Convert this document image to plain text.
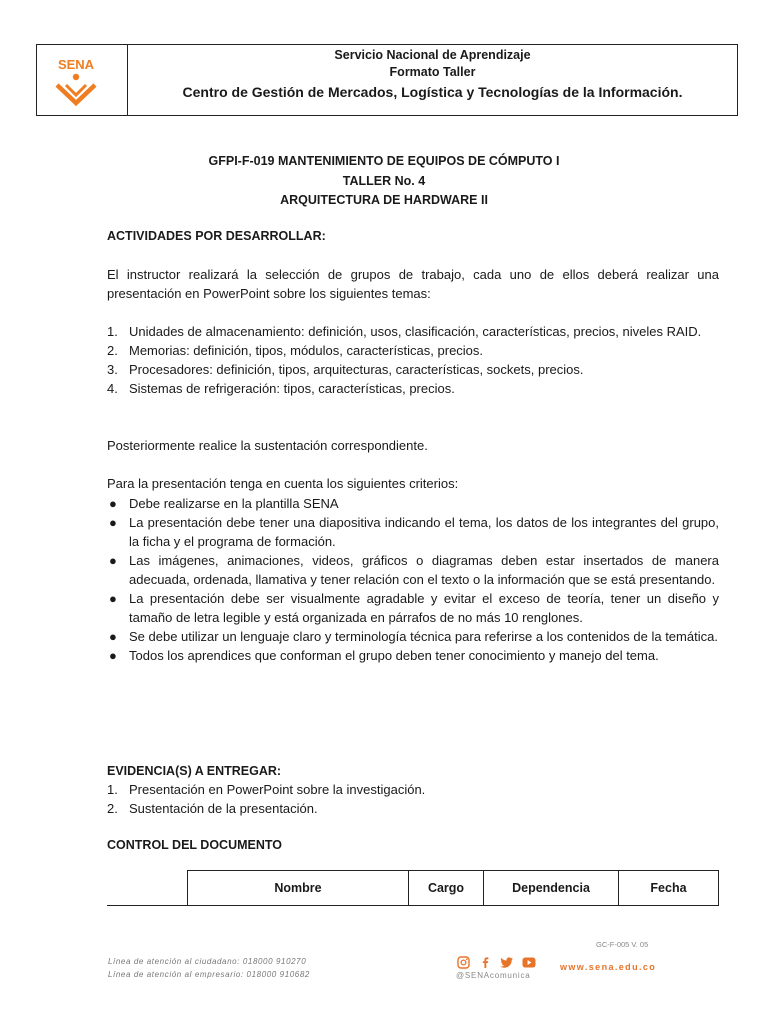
SENA
Servicio Nacional de Aprendizaje
Formato Taller
Centro de Gestión de Mercados, Logística y Tecnologías de la Información.
GFPI-F-019 MANTENIMIENTO DE EQUIPOS DE CÓMPUTO I
TALLER No. 4
ARQUITECTURA DE HARDWARE II
ACTIVIDADES POR DESARROLLAR:
El instructor realizará la selección de grupos de trabajo, cada uno de ellos deberá realizar una presentación en PowerPoint sobre los siguientes temas:
1. Unidades de almacenamiento: definición, usos, clasificación, características, precios, niveles RAID.
2. Memorias: definición, tipos, módulos, características, precios.
3. Procesadores: definición, tipos, arquitecturas, características, sockets, precios.
4. Sistemas de refrigeración: tipos, características, precios.
Posteriormente realice la sustentación correspondiente.
Para la presentación tenga en cuenta los siguientes criterios:
● Debe realizarse en la plantilla SENA
● La presentación debe tener una diapositiva indicando el tema, los datos de los integrantes del grupo, la ficha y el programa de formación.
● Las imágenes, animaciones, videos, gráficos o diagramas deben estar insertados de manera adecuada, ordenada, llamativa y tener relación con el texto o la información que se está presentando.
● La presentación debe ser visualmente agradable y evitar el exceso de teoría, tener un diseño y tamaño de letra legible y está organizada en párrafos de no más 10 renglones.
● Se debe utilizar un lenguaje claro y terminología técnica para referirse a los contenidos de la temática.
● Todos los aprendices que conforman el grupo deben tener conocimiento y manejo del tema.
EVIDENCIA(S) A ENTREGAR:
1. Presentación en PowerPoint sobre la investigación.
2. Sustentación de la presentación.
CONTROL DEL DOCUMENTO
	Nombre	Cargo	Dependencia	Fecha
GC-F-005 V. 05
Línea de atención al ciudadano: 018000 910270
Línea de atención al empresario: 018000 910682	@SENAcomunica
www.sena.edu.co
